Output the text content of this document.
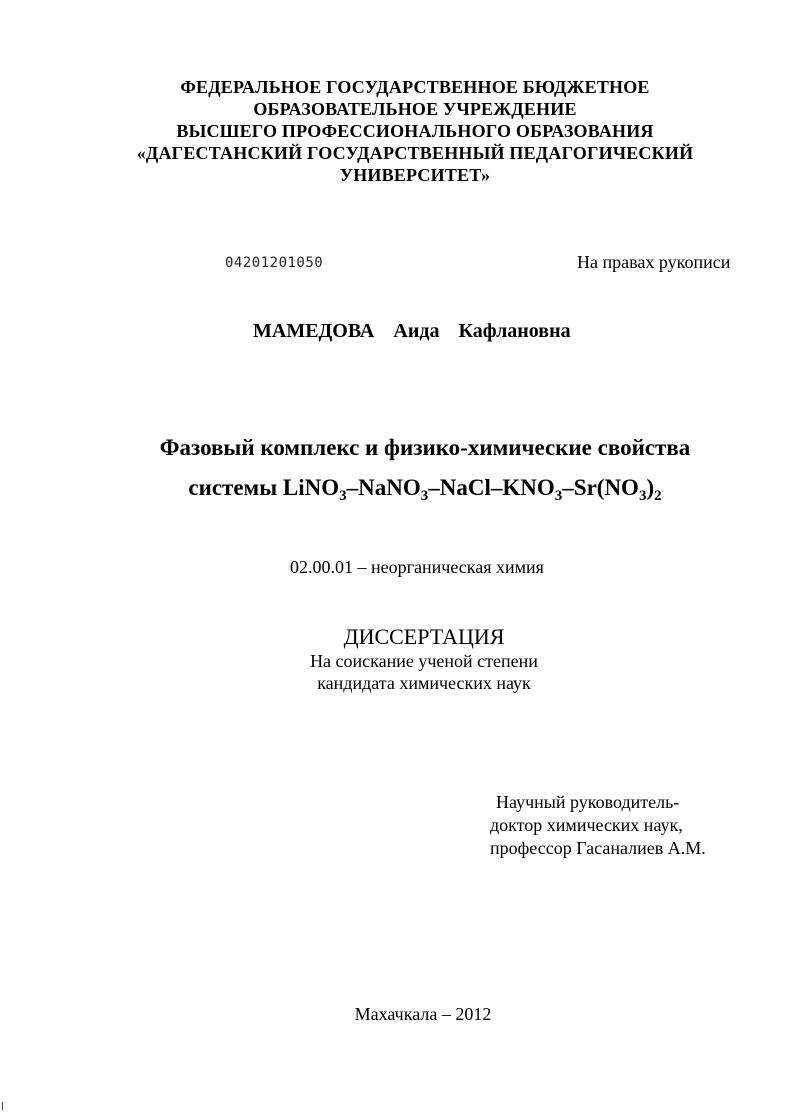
ФЕДЕРАЛЬНОЕ ГОСУДАРСТВЕННОЕ БЮДЖЕТНОЕ
ОБРАЗОВАТЕЛЬНОЕ УЧРЕЖДЕНИЕ
ВЫСШЕГО ПРОФЕССИОНАЛЬНОГО ОБРАЗОВАНИЯ
«ДАГЕСТАНСКИЙ ГОСУДАРСТВЕННЫЙ ПЕДАГОГИЧЕСКИЙ
УНИВЕРСИТЕТ»
04201201050	На правах рукописи
МАМЕДОВА Аида Кафлановна
Фазовый комплекс и физико-химические свойства
системы $LiNO_3-NaNO_3-NaCl-KNO_3-Sr(NO_3)_2$
02.00.01 – неорганическая химия
ДИССЕРТАЦИЯ
На соискание ученой степени
кандидата химических наук
Научный руководитель-
доктор химических наук,
профессор Гасаналиев А.М.
Махачкала – 2012
